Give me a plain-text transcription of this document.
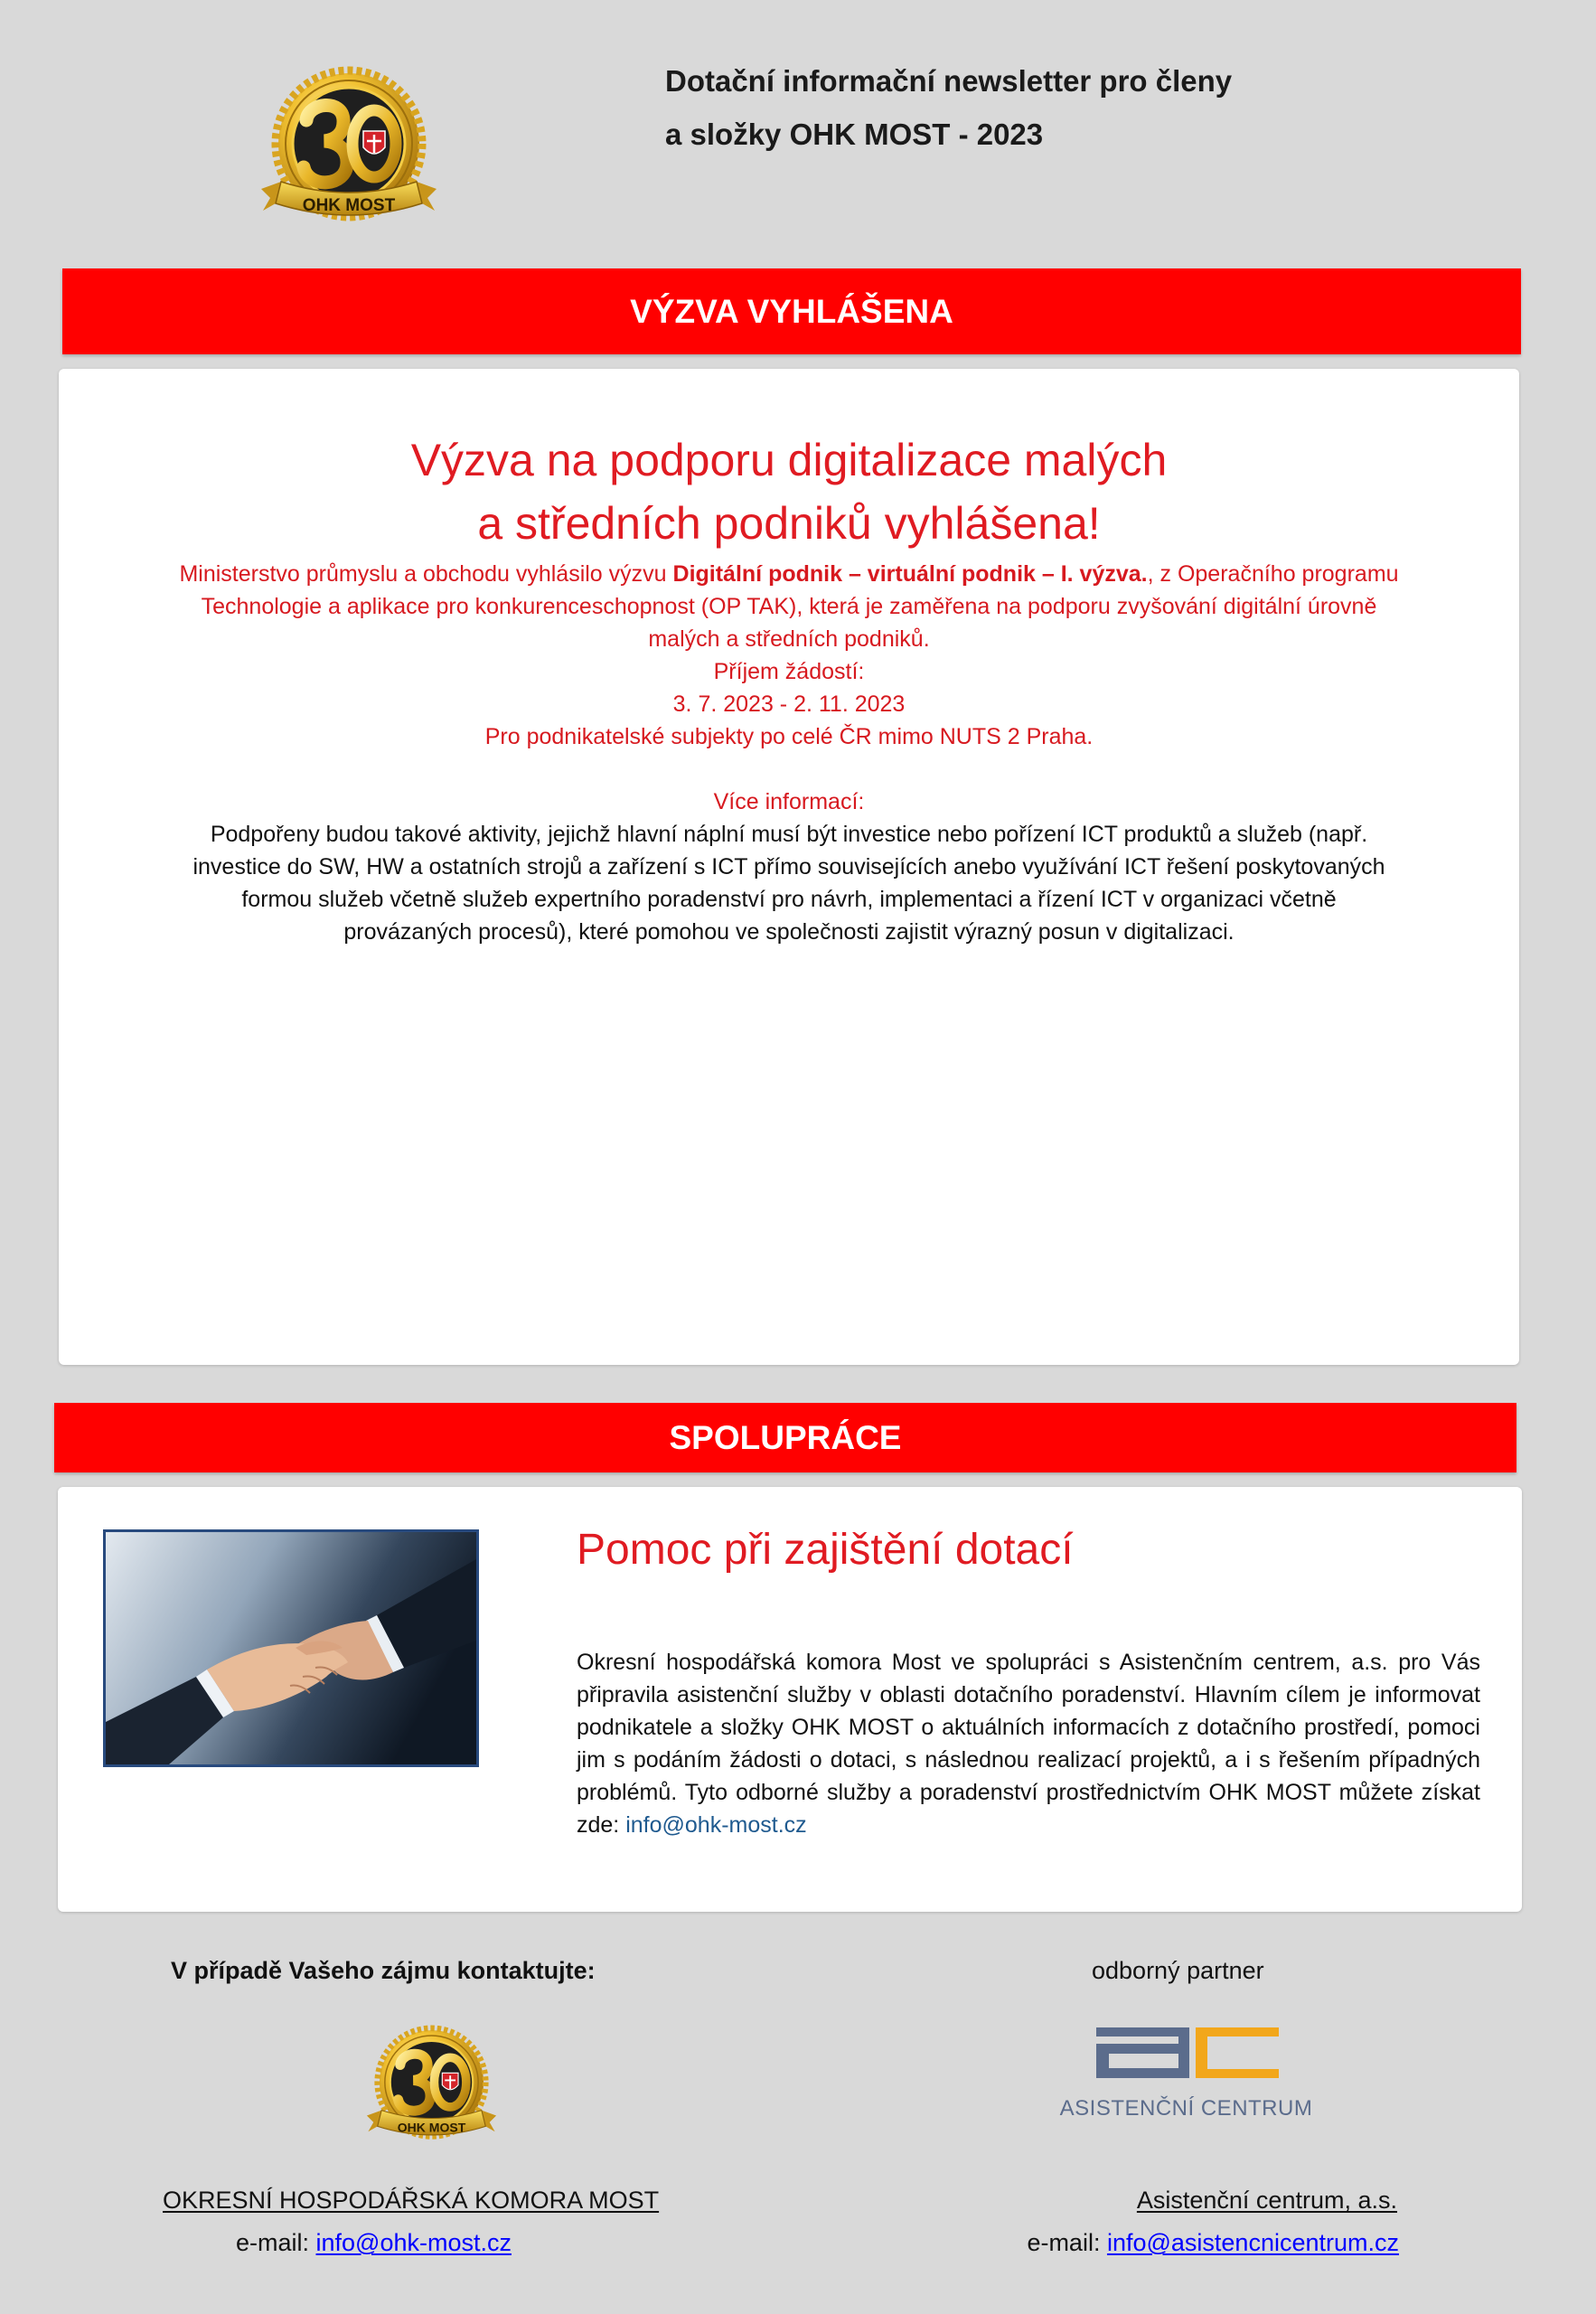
OHK MOST
Dotační informační newsletter pro členy
a složky OHK MOST - 2023
VÝZVA VYHLÁŠENA
Výzva na podporu digitalizace malých
a středních podniků vyhlášena!
Ministerstvo průmyslu a obchodu vyhlásilo výzvu Digitální podnik – virtuální podnik – I. výzva., z Operačního programu
Technologie a aplikace pro konkurenceschopnost (OP TAK), která je zaměřena na podporu zvyšování digitální úrovně
malých a středních podniků.
Příjem žádostí:
3. 7. 2023 - 2. 11. 2023
Pro podnikatelské subjekty po celé ČR mimo NUTS 2 Praha.
Více informací:
Podpořeny budou takové aktivity, jejichž hlavní náplní musí být investice nebo pořízení ICT produktů a služeb (např.
investice do SW, HW a ostatních strojů a zařízení s ICT přímo souvisejících anebo využívání ICT řešení poskytovaných
formou služeb včetně služeb expertního poradenství pro návrh, implementaci a řízení ICT v organizaci včetně
provázaných procesů), které pomohou ve společnosti zajistit výrazný posun v digitalizaci.
SPOLUPRÁCE
Pomoc při zajištění dotací

Okresní hospodářská komora Most ve spolupráci s Asistenčním centrem, a.s. pro Vás připravila asistenční služby v oblasti dotačního poradenství. Hlavním cílem je informovat podnikatele a složky OHK MOST o aktuálních informacích z dotačního prostředí, pomoci jim s podáním žádosti o dotaci, s následnou realizací projektů, a i s řešením případných problémů. Tyto odborné služby a poradenství prostřednictvím OHK MOST můžete získat zde: info@ohk-most.cz

V případě Vašeho zájmu kontaktujte:	odborný partner
OHK MOST
ASISTENČNÍ CENTRUM
OKRESNÍ HOSPODÁŘSKÁ KOMORA MOST
e-mail: info@ohk-most.cz
Asistenční centrum, a.s.
e-mail: info@asistencnicentrum.cz
